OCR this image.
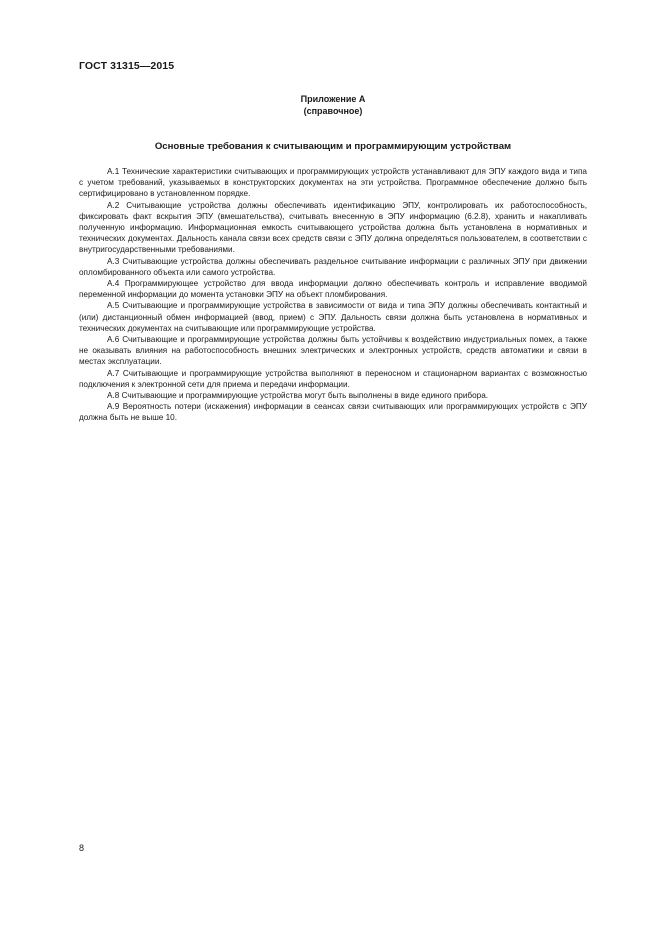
ГОСТ 31315—2015
Приложение А
(справочное)
Основные требования к считывающим и программирующим устройствам

А.1 Технические характеристики считывающих и программирующих устройств устанавливают для ЭПУ каждого вида и типа с учетом требований, указываемых в конструкторских документах на эти устройства. Программное обеспечение должно быть сертифицировано в установленном порядке.

А.2 Считывающие устройства должны обеспечивать идентификацию ЭПУ, контролировать их работоспособность, фиксировать факт вскрытия ЭПУ (вмешательства), считывать внесенную в ЭПУ информацию (6.2.8), хранить и накапливать полученную информацию. Информационная емкость считывающего устройства должна быть установлена в нормативных и технических документах. Дальность канала связи всех средств связи с ЭПУ должна определяться пользователем, в соответствии с внутригосударственными требованиями.

А.3 Считывающие устройства должны обеспечивать раздельное считывание информации с различных ЭПУ при движении опломбированного объекта или самого устройства.

А.4 Программирующее устройство для ввода информации должно обеспечивать контроль и исправление вводимой переменной информации до момента установки ЭПУ на объект пломбирования.

А.5 Считывающие и программирующие устройства в зависимости от вида и типа ЭПУ должны обеспечивать контактный и (или) дистанционный обмен информацией (ввод, прием) с ЭПУ. Дальность связи должна быть установлена в нормативных и технических документах на считывающие или программирующие устройства.

А.6 Считывающие и программирующие устройства должны быть устойчивы к воздействию индустриальных помех, а также не оказывать влияния на работоспособность внешних электрических и электронных устройств, средств автоматики и связи в местах эксплуатации.

А.7 Считывающие и программирующие устройства выполняют в переносном и стационарном вариантах с возможностью подключения к электронной сети для приема и передачи информации.

А.8 Считывающие и программирующие устройства могут быть выполнены в виде единого прибора.

А.9 Вероятность потери (искажения) информации в сеансах связи считывающих или программирующих устройств с ЭПУ должна быть не выше 10.

8
